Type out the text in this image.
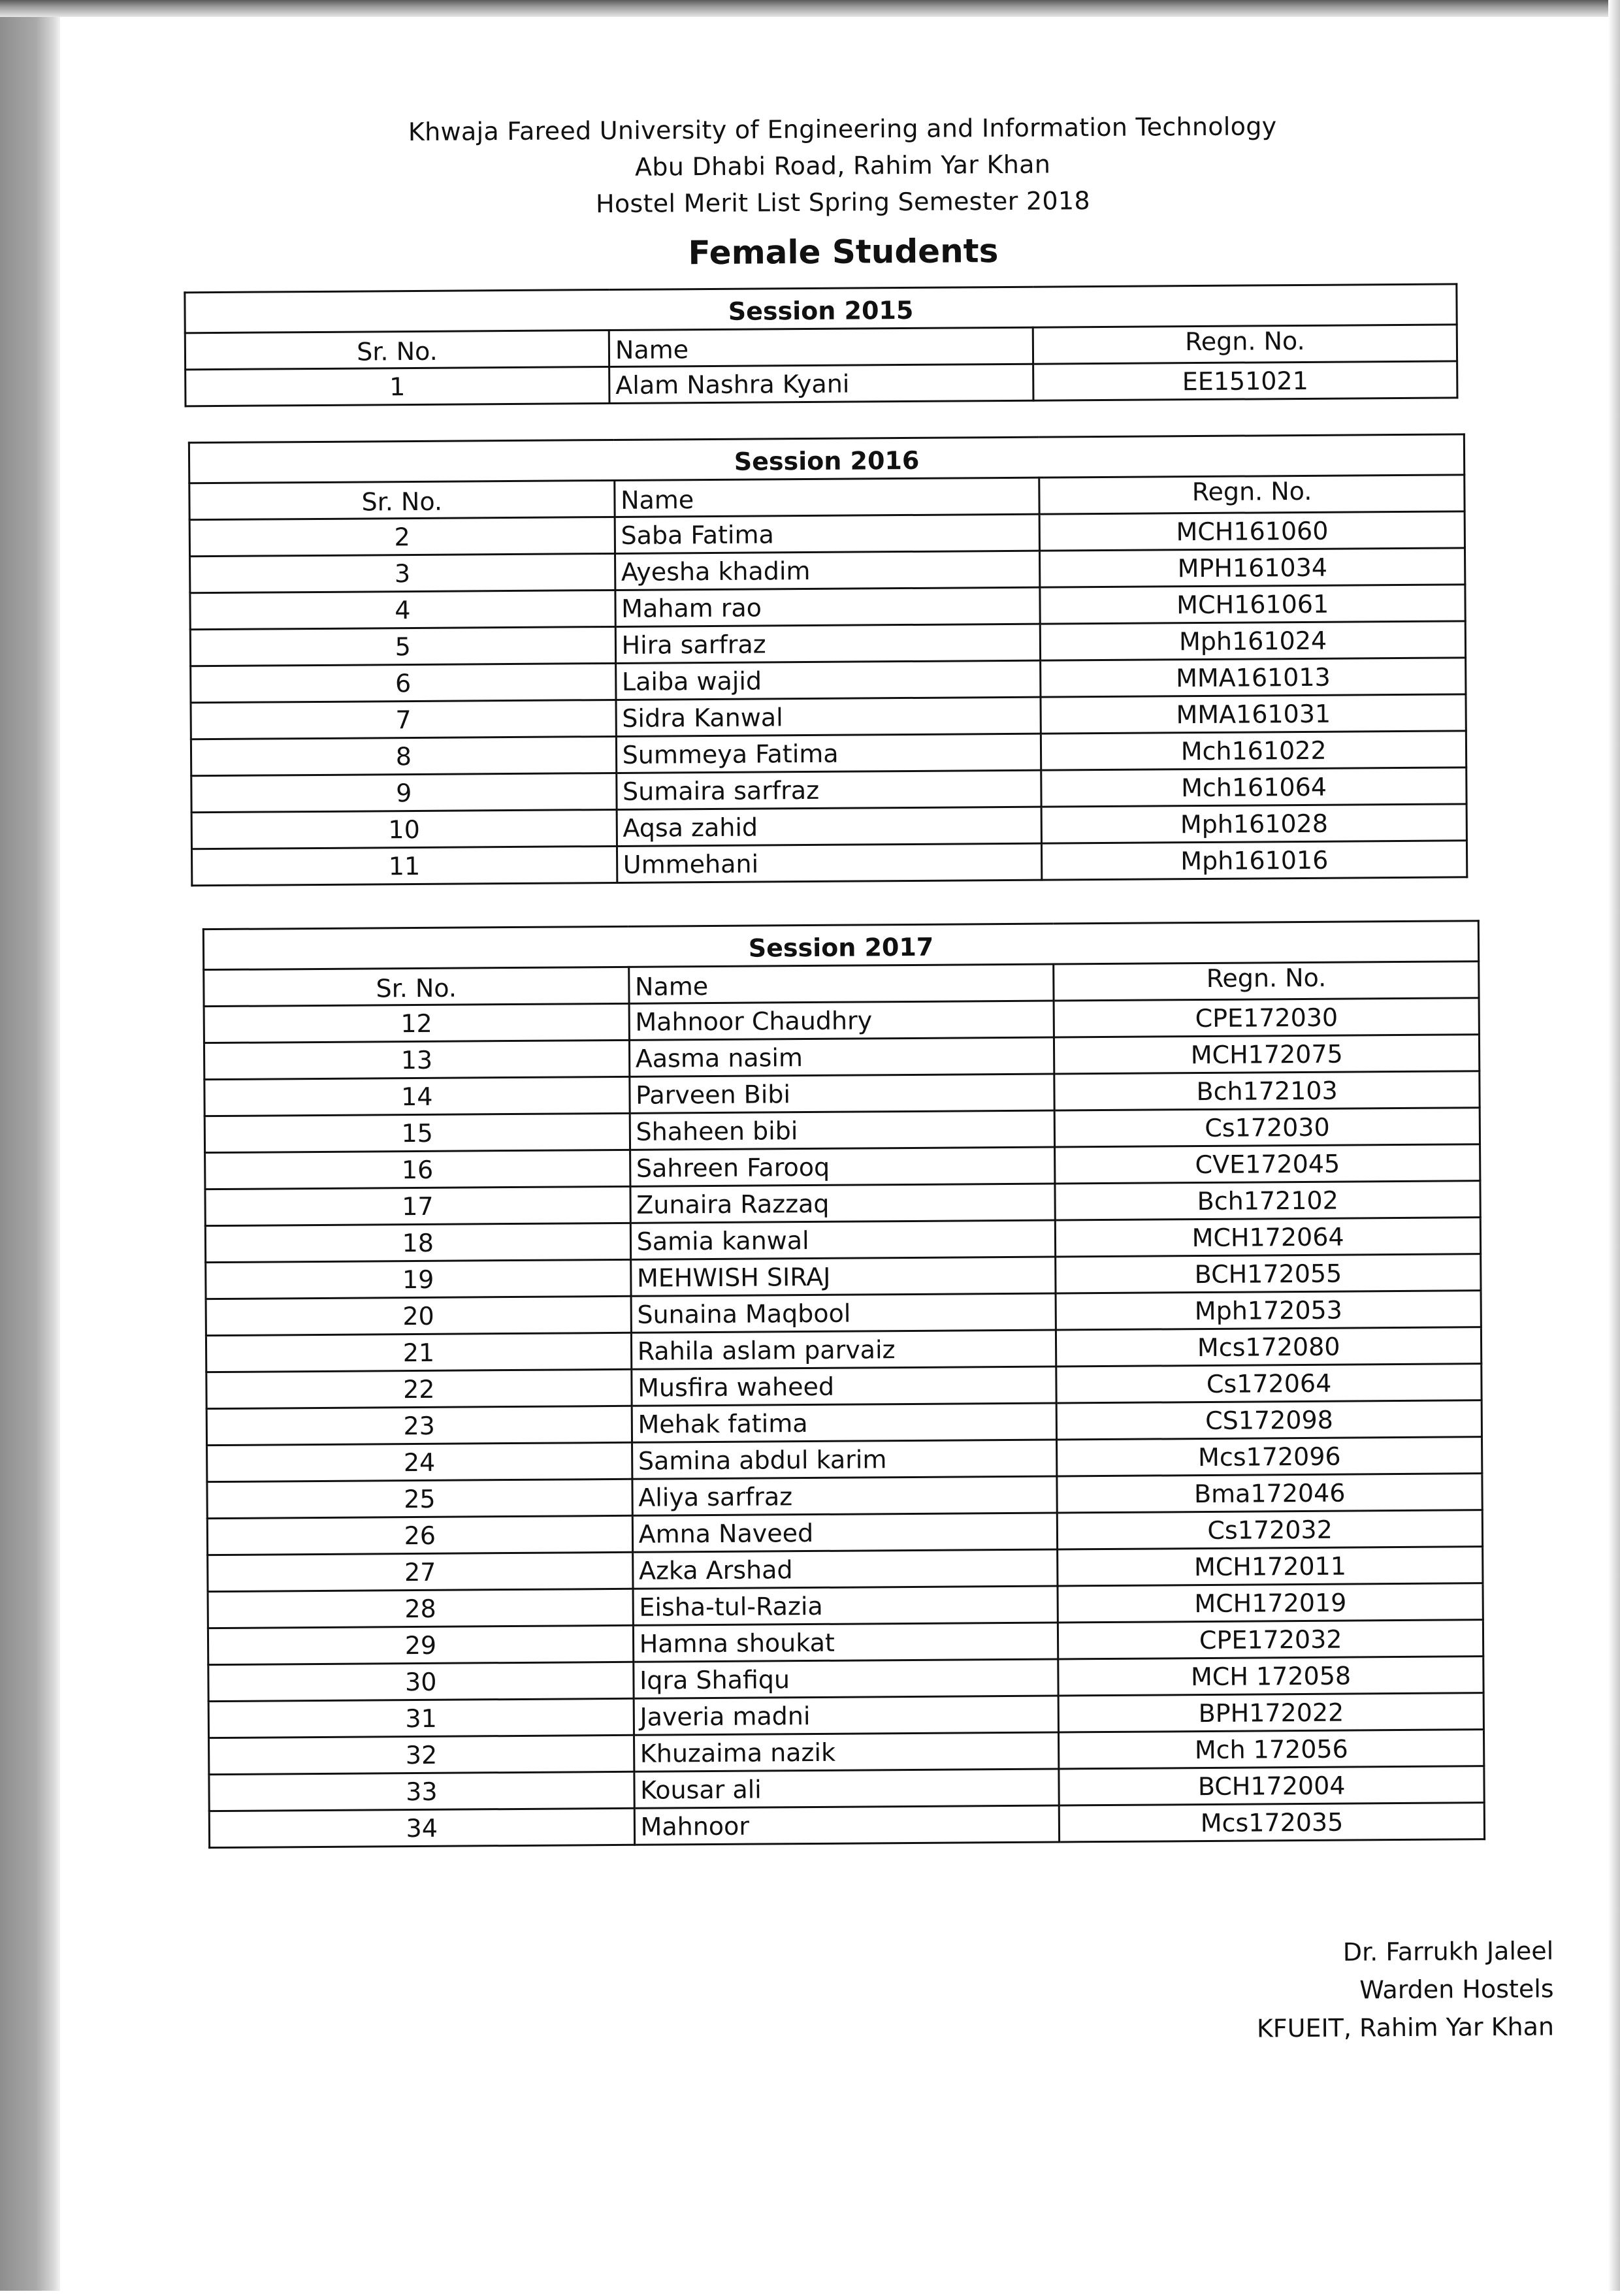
Khwaja Fareed University of Engineering and Information Technology
Abu Dhabi Road, Rahim Yar Khan
Hostel Merit List Spring Semester 2018
Female Students
Session 2015		
Sr. No.	Name	Regn. No.
1	Alam Nashra Kyani	EE151021
Session 2016		
Sr. No.	Name	Regn. No.
2	Saba Fatima	MCH161060
3	Ayesha khadim	MPH161034
4	Maham rao	MCH161061
5	Hira sarfraz	Mph161024
6	Laiba wajid	MMA161013
7	Sidra Kanwal	MMA161031
8	Summeya Fatima	Mch161022
9	Sumaira sarfraz	Mch161064
10	Aqsa zahid	Mph161028
11	Ummehani	Mph161016
Session 2017		
Sr. No.	Name	Regn. No.
12	Mahnoor Chaudhry	CPE172030
13	Aasma nasim	MCH172075
14	Parveen Bibi	Bch172103
15	Shaheen bibi	Cs172030
16	Sahreen Farooq	CVE172045
17	Zunaira Razzaq	Bch172102
18	Samia kanwal	MCH172064
19	MEHWISH SIRAJ	BCH172055
20	Sunaina Maqbool	Mph172053
21	Rahila aslam parvaiz	Mcs172080
22	Musfira waheed	Cs172064
23	Mehak fatima	CS172098
24	Samina abdul karim	Mcs172096
25	Aliya sarfraz	Bma172046
26	Amna Naveed	Cs172032
27	Azka Arshad	MCH172011
28	Eisha-tul-Razia	MCH172019
29	Hamna shoukat	CPE172032
30	Iqra Shafiqu	MCH 172058
31	Javeria madni	BPH172022
32	Khuzaima nazik	Mch 172056
33	Kousar ali	BCH172004
34	Mahnoor	Mcs172035
Dr. Farrukh Jaleel
Warden Hostels
KFUEIT, Rahim Yar Khan
